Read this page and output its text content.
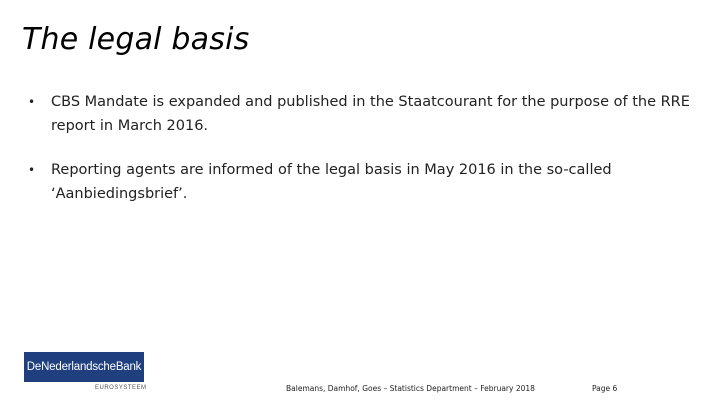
The legal basis
• CBS Mandate is expanded and published in the Staatcourant for the purpose of the RRE report in March 2016.
• Reporting agents are informed of the legal basis in May 2016 in the so-called ‘Aanbiedingsbrief’.
DeNederlandscheBank
EUROSYSTEEM	Balemans, Damhof, Goes – Statistics Department – February 2018	Page 6
